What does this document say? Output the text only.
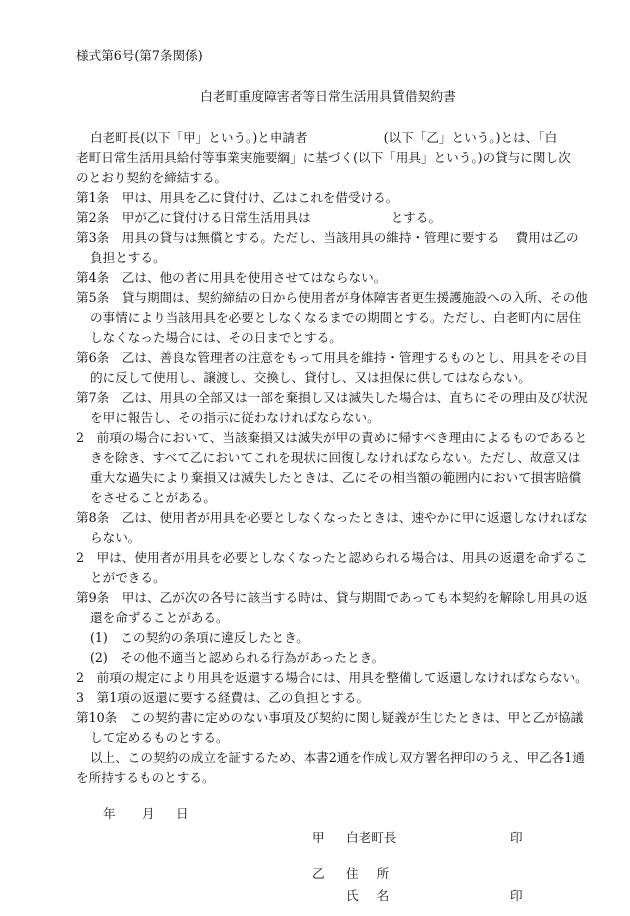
様式第6号(第7条関係)
白老町重度障害者等日常生活用具賃借契約書
白老町長(以下「甲」という。)と申請者	(以下「乙」という。)とは、「白
老町日常生活用具給付等事業実施要綱」に基づく(以下「用具」という。)の貸与に関し次
のとおり契約を締結する。
第1条　甲は、用具を乙に貸付け、乙はこれを借受ける。
第2条　甲が乙に貸付ける日常生活用具は	とする。
第3条　用具の貸与は無償とする。ただし、当該用具の維持・管理に要する 費用は乙の
負担とする。
第4条　乙は、他の者に用具を使用させてはならない。
第5条　貸与期間は、契約締結の日から使用者が身体障害者更生援護施設への入所、その他
の事情により当該用具を必要としなくなるまでの期間とする。ただし、白老町内に居住
しなくなった場合には、その日までとする。
第6条　乙は、善良な管理者の注意をもって用具を維持・管理するものとし、用具をその目
的に反して使用し、譲渡し、交換し、貸付し、又は担保に供してはならない。
第7条　乙は、用具の全部又は一部を棄損し又は滅失した場合は、直ちにその理由及び状況
を甲に報告し、その指示に従わなければならない。
2　前項の場合において、当該棄損又は滅失が甲の責めに帰すべき理由によるものであると
きを除き、すべて乙においてこれを現状に回復しなければならない。ただし、故意又は
重大な過失により棄損又は滅失したときは、乙にその相当額の範囲内において損害賠償
をさせることがある。
第8条　乙は、使用者が用具を必要としなくなったときは、速やかに甲に返還しなければな
らない。
2　甲は、使用者が用具を必要としなくなったと認められる場合は、用具の返還を命ずるこ
とができる。
第9条　甲は、乙が次の各号に該当する時は、貸与期間であっても本契約を解除し用具の返
還を命ずることがある。
(1)　この契約の条項に違反したとき。
(2)　その他不適当と認められる行為があったとき。
2　前項の規定により用具を返還する場合には、用具を整備して返還しなければならない。
3　第1項の返還に要する経費は、乙の負担とする。
第10条　この契約書に定めのない事項及び契約に関し疑義が生じたときは、甲と乙が協議
して定めるものとする。
以上、この契約の成立を証するため、本書2通を作成し双方署名押印のうえ、甲乙各1通
を所持するものとする。
年 月 日
甲 白老町長	印
乙 住 所
氏 名	印
